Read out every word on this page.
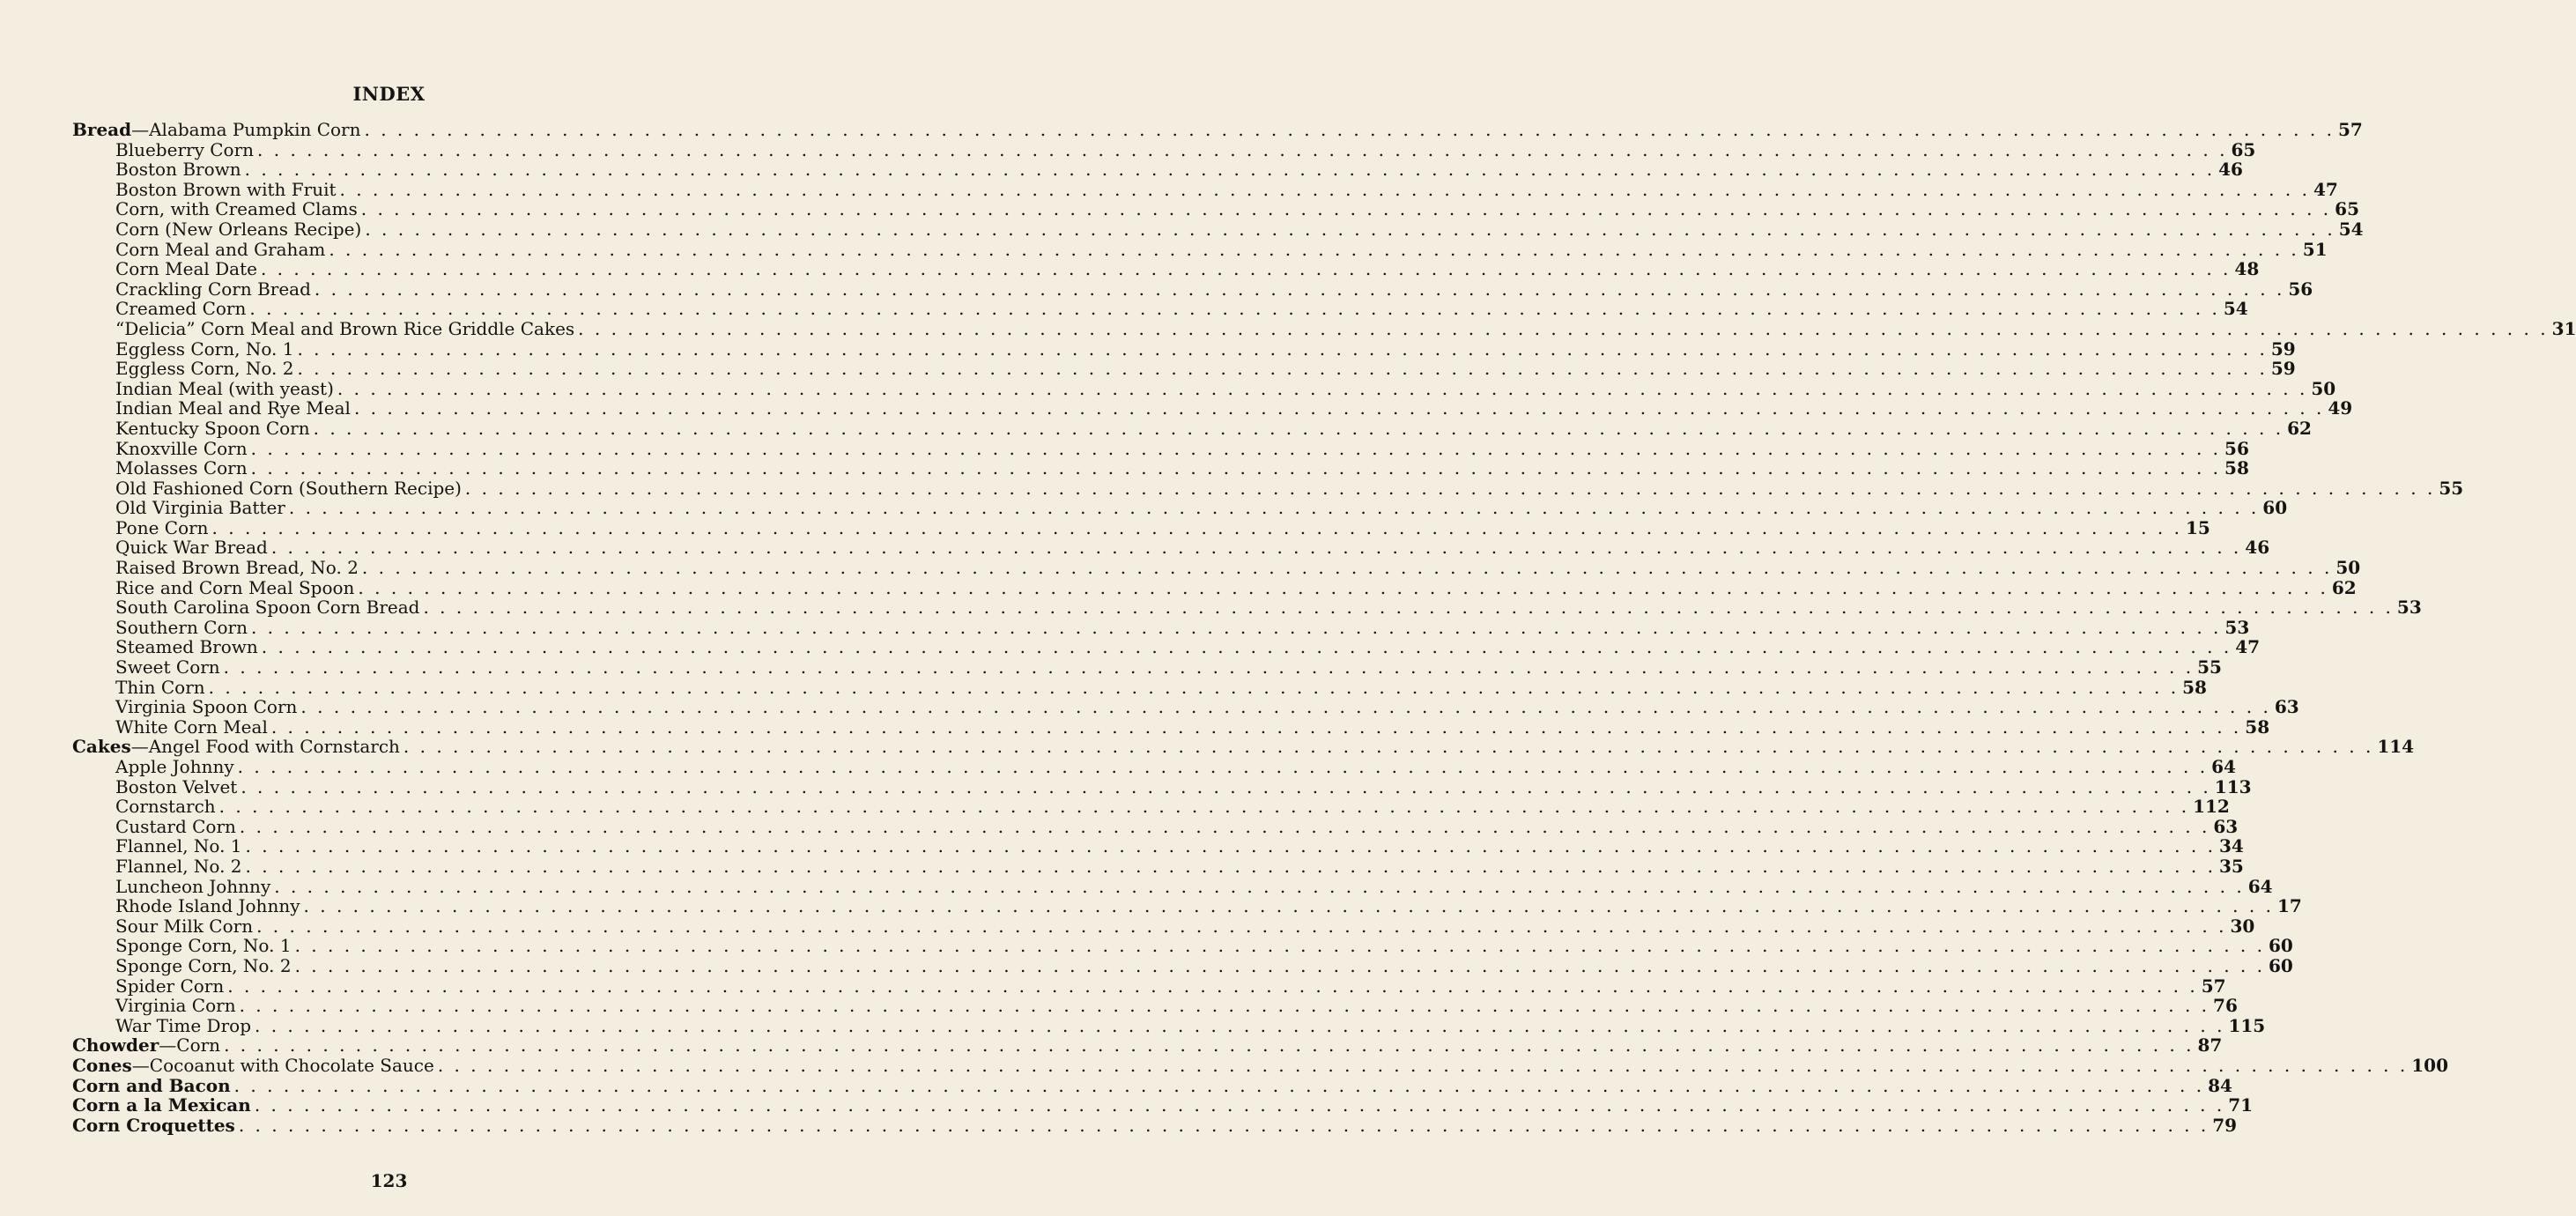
INDEX
Bread—Alabama Pumpkin Corn . . . . . . . . . . . . . . . . . . . . . . . . . . . . . . . . . . . . . . . . . . . . . . . . . . . . . . . . . . . . . . . . . . . . . . . . . . . . . . . . . . . . . . . . . . . . . . . . . . . . . . . . . . . . . . . . . . . . . . . . 57
Blueberry Corn . . . . . . . . . . . . . . . . . . . . . . . . . . . . . . . . . . . . . . . . . . . . . . . . . . . . . . . . . . . . . . . . . . . . . . . . . . . . . . . . . . . . . . . . . . . . . . . . . . . . . . . . . . . . . . . . . . . . . . . . 65
Boston Brown . . . . . . . . . . . . . . . . . . . . . . . . . . . . . . . . . . . . . . . . . . . . . . . . . . . . . . . . . . . . . . . . . . . . . . . . . . . . . . . . . . . . . . . . . . . . . . . . . . . . . . . . . . . . . . . . . . . . . . . . 46
Boston Brown with Fruit . . . . . . . . . . . . . . . . . . . . . . . . . . . . . . . . . . . . . . . . . . . . . . . . . . . . . . . . . . . . . . . . . . . . . . . . . . . . . . . . . . . . . . . . . . . . . . . . . . . . . . . . . . . . . . . . . . . . . . . . 47
Corn, with Creamed Clams . . . . . . . . . . . . . . . . . . . . . . . . . . . . . . . . . . . . . . . . . . . . . . . . . . . . . . . . . . . . . . . . . . . . . . . . . . . . . . . . . . . . . . . . . . . . . . . . . . . . . . . . . . . . . . . . . . . . . . . . 65
Corn (New Orleans Recipe) . . . . . . . . . . . . . . . . . . . . . . . . . . . . . . . . . . . . . . . . . . . . . . . . . . . . . . . . . . . . . . . . . . . . . . . . . . . . . . . . . . . . . . . . . . . . . . . . . . . . . . . . . . . . . . . . . . . . . . . . 54
Corn Meal and Graham . . . . . . . . . . . . . . . . . . . . . . . . . . . . . . . . . . . . . . . . . . . . . . . . . . . . . . . . . . . . . . . . . . . . . . . . . . . . . . . . . . . . . . . . . . . . . . . . . . . . . . . . . . . . . . . . . . . . . . . . 51
Corn Meal Date . . . . . . . . . . . . . . . . . . . . . . . . . . . . . . . . . . . . . . . . . . . . . . . . . . . . . . . . . . . . . . . . . . . . . . . . . . . . . . . . . . . . . . . . . . . . . . . . . . . . . . . . . . . . . . . . . . . . . . . . 48
Crackling Corn Bread . . . . . . . . . . . . . . . . . . . . . . . . . . . . . . . . . . . . . . . . . . . . . . . . . . . . . . . . . . . . . . . . . . . . . . . . . . . . . . . . . . . . . . . . . . . . . . . . . . . . . . . . . . . . . . . . . . . . . . . . 56
Creamed Corn . . . . . . . . . . . . . . . . . . . . . . . . . . . . . . . . . . . . . . . . . . . . . . . . . . . . . . . . . . . . . . . . . . . . . . . . . . . . . . . . . . . . . . . . . . . . . . . . . . . . . . . . . . . . . . . . . . . . . . . . 54
“Delicia” Corn Meal and Brown Rice Griddle Cakes . . . . . . . . . . . . . . . . . . . . . . . . . . . . . . . . . . . . . . . . . . . . . . . . . . . . . . . . . . . . . . . . . . . . . . . . . . . . . . . . . . . . . . . . . . . . . . . . . . . . . . . . . . . . . . . . . . . . . . . . 31
Eggless Corn, No. 1 . . . . . . . . . . . . . . . . . . . . . . . . . . . . . . . . . . . . . . . . . . . . . . . . . . . . . . . . . . . . . . . . . . . . . . . . . . . . . . . . . . . . . . . . . . . . . . . . . . . . . . . . . . . . . . . . . . . . . . . . 59
Eggless Corn, No. 2 . . . . . . . . . . . . . . . . . . . . . . . . . . . . . . . . . . . . . . . . . . . . . . . . . . . . . . . . . . . . . . . . . . . . . . . . . . . . . . . . . . . . . . . . . . . . . . . . . . . . . . . . . . . . . . . . . . . . . . . . 59
Indian Meal (with yeast) . . . . . . . . . . . . . . . . . . . . . . . . . . . . . . . . . . . . . . . . . . . . . . . . . . . . . . . . . . . . . . . . . . . . . . . . . . . . . . . . . . . . . . . . . . . . . . . . . . . . . . . . . . . . . . . . . . . . . . . . 50
Indian Meal and Rye Meal . . . . . . . . . . . . . . . . . . . . . . . . . . . . . . . . . . . . . . . . . . . . . . . . . . . . . . . . . . . . . . . . . . . . . . . . . . . . . . . . . . . . . . . . . . . . . . . . . . . . . . . . . . . . . . . . . . . . . . . . 49
Kentucky Spoon Corn . . . . . . . . . . . . . . . . . . . . . . . . . . . . . . . . . . . . . . . . . . . . . . . . . . . . . . . . . . . . . . . . . . . . . . . . . . . . . . . . . . . . . . . . . . . . . . . . . . . . . . . . . . . . . . . . . . . . . . . . 62
Knoxville Corn . . . . . . . . . . . . . . . . . . . . . . . . . . . . . . . . . . . . . . . . . . . . . . . . . . . . . . . . . . . . . . . . . . . . . . . . . . . . . . . . . . . . . . . . . . . . . . . . . . . . . . . . . . . . . . . . . . . . . . . . 56
Molasses Corn . . . . . . . . . . . . . . . . . . . . . . . . . . . . . . . . . . . . . . . . . . . . . . . . . . . . . . . . . . . . . . . . . . . . . . . . . . . . . . . . . . . . . . . . . . . . . . . . . . . . . . . . . . . . . . . . . . . . . . . . 58
Old Fashioned Corn (Southern Recipe) . . . . . . . . . . . . . . . . . . . . . . . . . . . . . . . . . . . . . . . . . . . . . . . . . . . . . . . . . . . . . . . . . . . . . . . . . . . . . . . . . . . . . . . . . . . . . . . . . . . . . . . . . . . . . . . . . . . . . . . . 55
Old Virginia Batter . . . . . . . . . . . . . . . . . . . . . . . . . . . . . . . . . . . . . . . . . . . . . . . . . . . . . . . . . . . . . . . . . . . . . . . . . . . . . . . . . . . . . . . . . . . . . . . . . . . . . . . . . . . . . . . . . . . . . . . . 60
Pone Corn . . . . . . . . . . . . . . . . . . . . . . . . . . . . . . . . . . . . . . . . . . . . . . . . . . . . . . . . . . . . . . . . . . . . . . . . . . . . . . . . . . . . . . . . . . . . . . . . . . . . . . . . . . . . . . . . . . . . . . . . 15
Quick War Bread . . . . . . . . . . . . . . . . . . . . . . . . . . . . . . . . . . . . . . . . . . . . . . . . . . . . . . . . . . . . . . . . . . . . . . . . . . . . . . . . . . . . . . . . . . . . . . . . . . . . . . . . . . . . . . . . . . . . . . . . 46
Raised Brown Bread, No. 2 . . . . . . . . . . . . . . . . . . . . . . . . . . . . . . . . . . . . . . . . . . . . . . . . . . . . . . . . . . . . . . . . . . . . . . . . . . . . . . . . . . . . . . . . . . . . . . . . . . . . . . . . . . . . . . . . . . . . . . . . 50
Rice and Corn Meal Spoon . . . . . . . . . . . . . . . . . . . . . . . . . . . . . . . . . . . . . . . . . . . . . . . . . . . . . . . . . . . . . . . . . . . . . . . . . . . . . . . . . . . . . . . . . . . . . . . . . . . . . . . . . . . . . . . . . . . . . . . . 62
South Carolina Spoon Corn Bread . . . . . . . . . . . . . . . . . . . . . . . . . . . . . . . . . . . . . . . . . . . . . . . . . . . . . . . . . . . . . . . . . . . . . . . . . . . . . . . . . . . . . . . . . . . . . . . . . . . . . . . . . . . . . . . . . . . . . . . . 53
Southern Corn . . . . . . . . . . . . . . . . . . . . . . . . . . . . . . . . . . . . . . . . . . . . . . . . . . . . . . . . . . . . . . . . . . . . . . . . . . . . . . . . . . . . . . . . . . . . . . . . . . . . . . . . . . . . . . . . . . . . . . . . 53
Steamed Brown . . . . . . . . . . . . . . . . . . . . . . . . . . . . . . . . . . . . . . . . . . . . . . . . . . . . . . . . . . . . . . . . . . . . . . . . . . . . . . . . . . . . . . . . . . . . . . . . . . . . . . . . . . . . . . . . . . . . . . . . 47
Sweet Corn . . . . . . . . . . . . . . . . . . . . . . . . . . . . . . . . . . . . . . . . . . . . . . . . . . . . . . . . . . . . . . . . . . . . . . . . . . . . . . . . . . . . . . . . . . . . . . . . . . . . . . . . . . . . . . . . . . . . . . . . 55
Thin Corn . . . . . . . . . . . . . . . . . . . . . . . . . . . . . . . . . . . . . . . . . . . . . . . . . . . . . . . . . . . . . . . . . . . . . . . . . . . . . . . . . . . . . . . . . . . . . . . . . . . . . . . . . . . . . . . . . . . . . . . . 58
Virginia Spoon Corn . . . . . . . . . . . . . . . . . . . . . . . . . . . . . . . . . . . . . . . . . . . . . . . . . . . . . . . . . . . . . . . . . . . . . . . . . . . . . . . . . . . . . . . . . . . . . . . . . . . . . . . . . . . . . . . . . . . . . . . . 63
White Corn Meal . . . . . . . . . . . . . . . . . . . . . . . . . . . . . . . . . . . . . . . . . . . . . . . . . . . . . . . . . . . . . . . . . . . . . . . . . . . . . . . . . . . . . . . . . . . . . . . . . . . . . . . . . . . . . . . . . . . . . . . . 58
Cakes—Angel Food with Cornstarch . . . . . . . . . . . . . . . . . . . . . . . . . . . . . . . . . . . . . . . . . . . . . . . . . . . . . . . . . . . . . . . . . . . . . . . . . . . . . . . . . . . . . . . . . . . . . . . . . . . . . . . . . . . . . . . . . . . . . . . . 114
Apple Johnny . . . . . . . . . . . . . . . . . . . . . . . . . . . . . . . . . . . . . . . . . . . . . . . . . . . . . . . . . . . . . . . . . . . . . . . . . . . . . . . . . . . . . . . . . . . . . . . . . . . . . . . . . . . . . . . . . . . . . . . . 64
Boston Velvet . . . . . . . . . . . . . . . . . . . . . . . . . . . . . . . . . . . . . . . . . . . . . . . . . . . . . . . . . . . . . . . . . . . . . . . . . . . . . . . . . . . . . . . . . . . . . . . . . . . . . . . . . . . . . . . . . . . . . . . . 113
Cornstarch . . . . . . . . . . . . . . . . . . . . . . . . . . . . . . . . . . . . . . . . . . . . . . . . . . . . . . . . . . . . . . . . . . . . . . . . . . . . . . . . . . . . . . . . . . . . . . . . . . . . . . . . . . . . . . . . . . . . . . . . 112
Custard Corn . . . . . . . . . . . . . . . . . . . . . . . . . . . . . . . . . . . . . . . . . . . . . . . . . . . . . . . . . . . . . . . . . . . . . . . . . . . . . . . . . . . . . . . . . . . . . . . . . . . . . . . . . . . . . . . . . . . . . . . . 63
Flannel, No. 1 . . . . . . . . . . . . . . . . . . . . . . . . . . . . . . . . . . . . . . . . . . . . . . . . . . . . . . . . . . . . . . . . . . . . . . . . . . . . . . . . . . . . . . . . . . . . . . . . . . . . . . . . . . . . . . . . . . . . . . . . 34
Flannel, No. 2 . . . . . . . . . . . . . . . . . . . . . . . . . . . . . . . . . . . . . . . . . . . . . . . . . . . . . . . . . . . . . . . . . . . . . . . . . . . . . . . . . . . . . . . . . . . . . . . . . . . . . . . . . . . . . . . . . . . . . . . . 35
Luncheon Johnny . . . . . . . . . . . . . . . . . . . . . . . . . . . . . . . . . . . . . . . . . . . . . . . . . . . . . . . . . . . . . . . . . . . . . . . . . . . . . . . . . . . . . . . . . . . . . . . . . . . . . . . . . . . . . . . . . . . . . . . . 64
Rhode Island Johnny . . . . . . . . . . . . . . . . . . . . . . . . . . . . . . . . . . . . . . . . . . . . . . . . . . . . . . . . . . . . . . . . . . . . . . . . . . . . . . . . . . . . . . . . . . . . . . . . . . . . . . . . . . . . . . . . . . . . . . . . 17
Sour Milk Corn . . . . . . . . . . . . . . . . . . . . . . . . . . . . . . . . . . . . . . . . . . . . . . . . . . . . . . . . . . . . . . . . . . . . . . . . . . . . . . . . . . . . . . . . . . . . . . . . . . . . . . . . . . . . . . . . . . . . . . . . 30
Sponge Corn, No. 1 . . . . . . . . . . . . . . . . . . . . . . . . . . . . . . . . . . . . . . . . . . . . . . . . . . . . . . . . . . . . . . . . . . . . . . . . . . . . . . . . . . . . . . . . . . . . . . . . . . . . . . . . . . . . . . . . . . . . . . . . 60
Sponge Corn, No. 2 . . . . . . . . . . . . . . . . . . . . . . . . . . . . . . . . . . . . . . . . . . . . . . . . . . . . . . . . . . . . . . . . . . . . . . . . . . . . . . . . . . . . . . . . . . . . . . . . . . . . . . . . . . . . . . . . . . . . . . . . 60
Spider Corn . . . . . . . . . . . . . . . . . . . . . . . . . . . . . . . . . . . . . . . . . . . . . . . . . . . . . . . . . . . . . . . . . . . . . . . . . . . . . . . . . . . . . . . . . . . . . . . . . . . . . . . . . . . . . . . . . . . . . . . . 57
Virginia Corn . . . . . . . . . . . . . . . . . . . . . . . . . . . . . . . . . . . . . . . . . . . . . . . . . . . . . . . . . . . . . . . . . . . . . . . . . . . . . . . . . . . . . . . . . . . . . . . . . . . . . . . . . . . . . . . . . . . . . . . . 76
War Time Drop . . . . . . . . . . . . . . . . . . . . . . . . . . . . . . . . . . . . . . . . . . . . . . . . . . . . . . . . . . . . . . . . . . . . . . . . . . . . . . . . . . . . . . . . . . . . . . . . . . . . . . . . . . . . . . . . . . . . . . . . 115
Chowder—Corn . . . . . . . . . . . . . . . . . . . . . . . . . . . . . . . . . . . . . . . . . . . . . . . . . . . . . . . . . . . . . . . . . . . . . . . . . . . . . . . . . . . . . . . . . . . . . . . . . . . . . . . . . . . . . . . . . . . . . . . . 87
Cones—Cocoanut with Chocolate Sauce . . . . . . . . . . . . . . . . . . . . . . . . . . . . . . . . . . . . . . . . . . . . . . . . . . . . . . . . . . . . . . . . . . . . . . . . . . . . . . . . . . . . . . . . . . . . . . . . . . . . . . . . . . . . . . . . . . . . . . . . 100
Corn and Bacon . . . . . . . . . . . . . . . . . . . . . . . . . . . . . . . . . . . . . . . . . . . . . . . . . . . . . . . . . . . . . . . . . . . . . . . . . . . . . . . . . . . . . . . . . . . . . . . . . . . . . . . . . . . . . . . . . . . . . . . . 84
Corn a la Mexican . . . . . . . . . . . . . . . . . . . . . . . . . . . . . . . . . . . . . . . . . . . . . . . . . . . . . . . . . . . . . . . . . . . . . . . . . . . . . . . . . . . . . . . . . . . . . . . . . . . . . . . . . . . . . . . . . . . . . . . . 71
Corn Croquettes . . . . . . . . . . . . . . . . . . . . . . . . . . . . . . . . . . . . . . . . . . . . . . . . . . . . . . . . . . . . . . . . . . . . . . . . . . . . . . . . . . . . . . . . . . . . . . . . . . . . . . . . . . . . . . . . . . . . . . . . 79
123
